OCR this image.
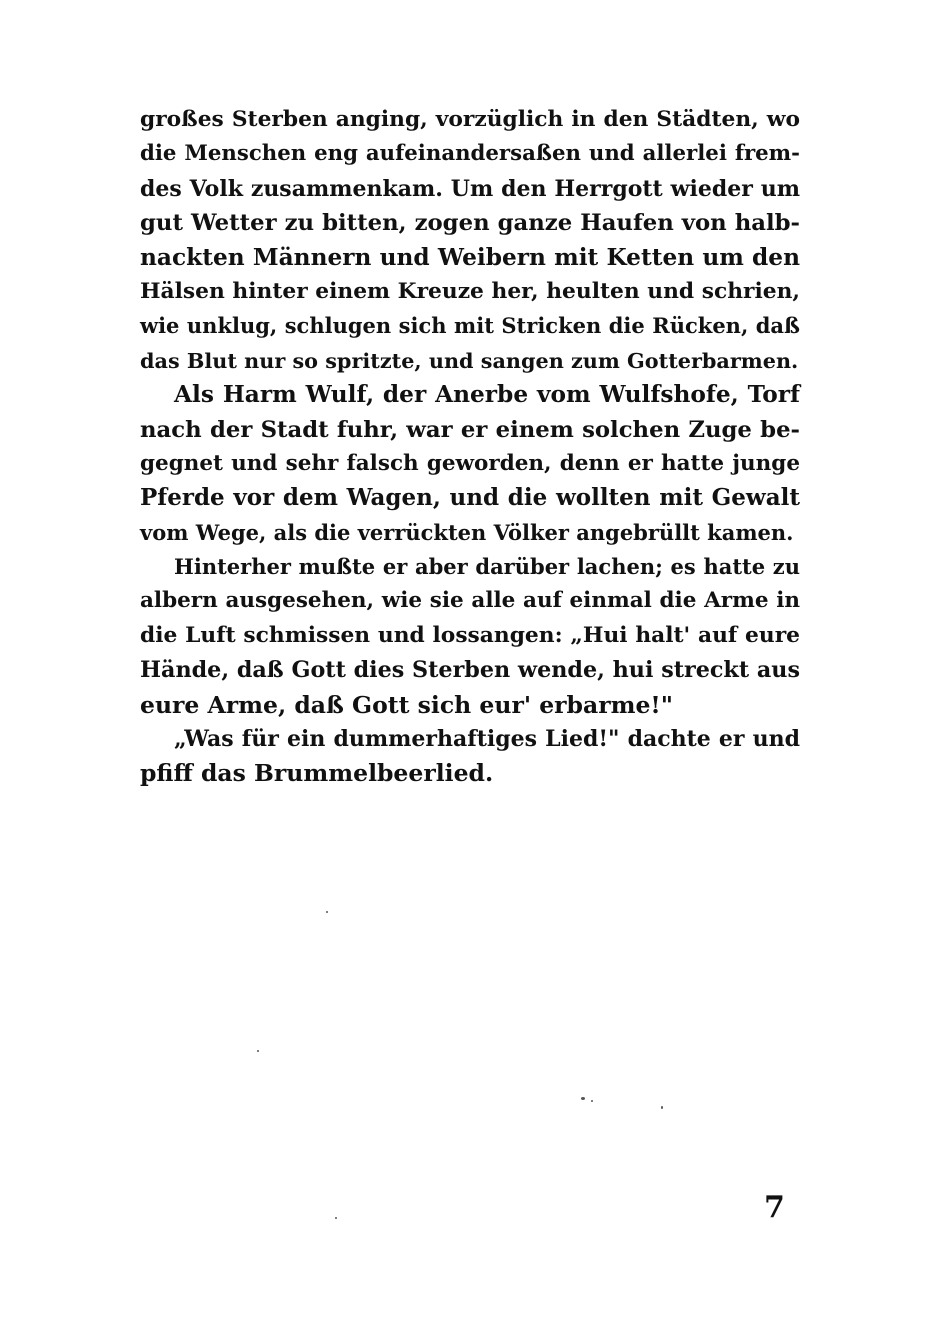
großes Sterben anging, vorzüglich in den Städten, wo
die Menschen eng aufeinandersaßen und allerlei frem-
des Volk zusammenkam. Um den Herrgott wieder um
gut Wetter zu bitten, zogen ganze Haufen von halb-
nackten Männern und Weibern mit Ketten um den
Hälsen hinter einem Kreuze her, heulten und schrien,
wie unklug, schlugen sich mit Stricken die Rücken, daß
das Blut nur so spritzte, und sangen zum Gotterbarmen.
Als Harm Wulf, der Anerbe vom Wulfshofe, Torf
nach der Stadt fuhr, war er einem solchen Zuge be-
gegnet und sehr falsch geworden, denn er hatte junge
Pferde vor dem Wagen, und die wollten mit Gewalt
vom Wege, als die verrückten Völker angebrüllt kamen.
Hinterher mußte er aber darüber lachen; es hatte zu
albern ausgesehen, wie sie alle auf einmal die Arme in
die Luft schmissen und lossangen: „Hui halt' auf eure
Hände, daß Gott dies Sterben wende, hui streckt aus
eure Arme, daß Gott sich eur' erbarme!"
„Was für ein dummerhaftiges Lied!" dachte er und
pfiff das Brummelbeerlied.
7
